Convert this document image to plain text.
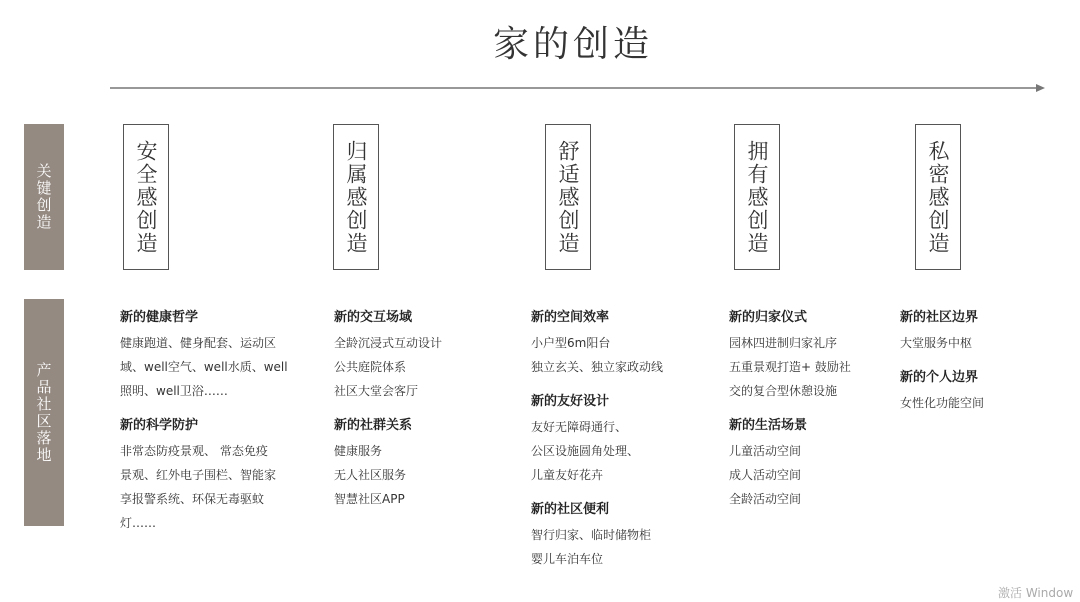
家的创造
关键创造
产品社区落地
安全感创造	归属感创造	舒适感创造	拥有感创造	私密感创造
新的健康哲学
健康跑道、健身配套、运动区
域、well空气、well水质、well
照明、well卫浴……
新的科学防护
非常态防疫景观、 常态免疫
景观、红外电子围栏、智能家
享报警系统、环保无毒驱蚊
灯……
新的交互场域
全龄沉浸式互动设计
公共庭院体系
社区大堂会客厅
新的社群关系
健康服务
无人社区服务
智慧社区APP
新的空间效率
小户型6m阳台
独立玄关、独立家政动线
新的友好设计
友好无障碍通行、
公区设施圆角处理、
儿童友好花卉
新的社区便利
智行归家、临时储物柜
婴儿车泊车位
新的归家仪式
园林四进制归家礼序
五重景观打造+ 鼓励社
交的复合型休憩设施
新的生活场景
儿童活动空间
成人活动空间
全龄活动空间
新的社区边界
大堂服务中枢
新的个人边界
女性化功能空间
激活 Window
